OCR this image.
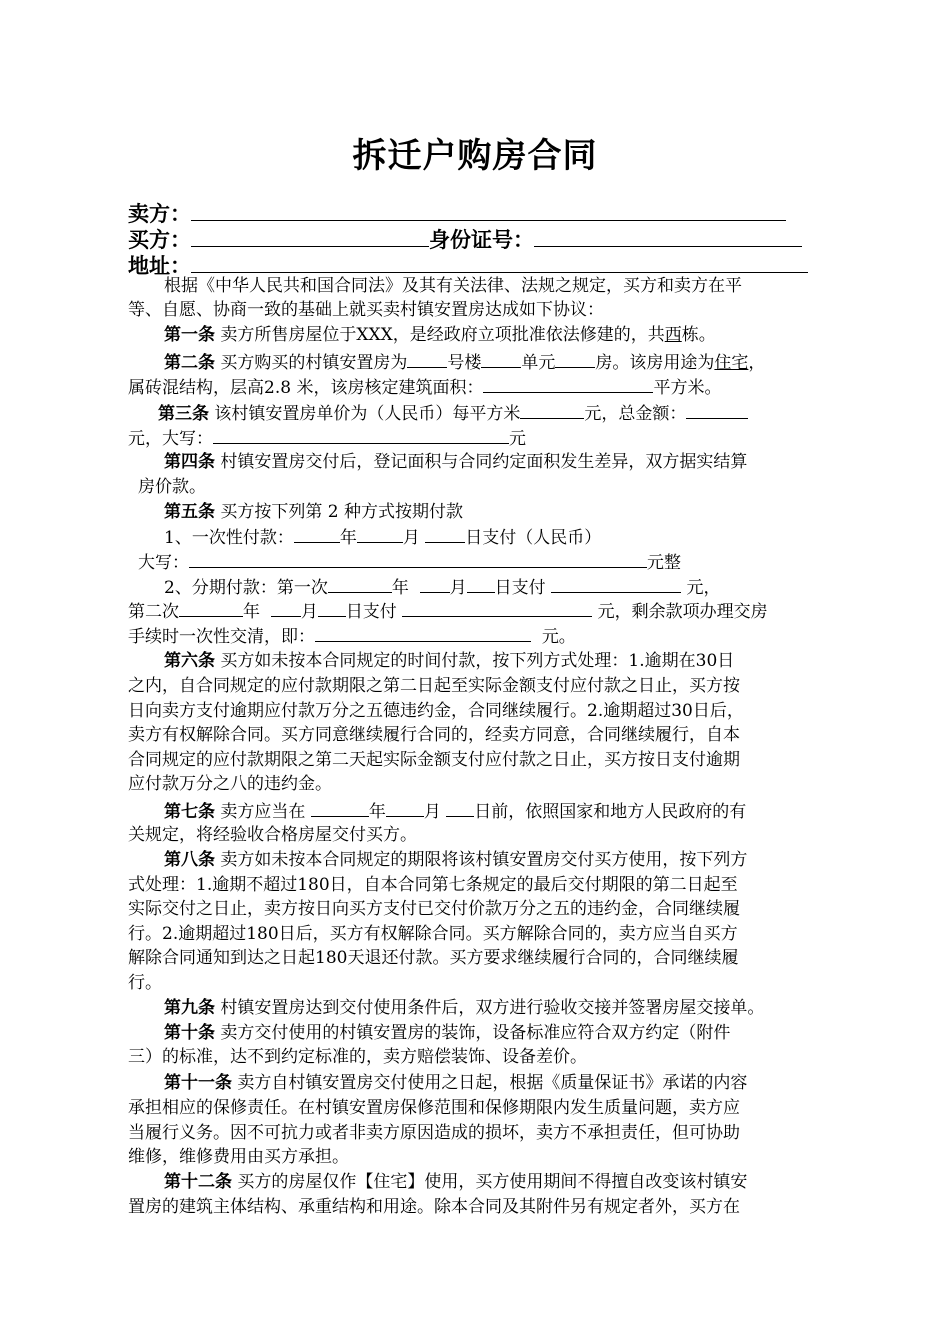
拆迁户购房合同
卖方：
买方：	身份证号：
地址：
根据《中华人民共和国合同法》及其有关法律、法规之规定，买方和卖方在平
等、自愿、协商一致的基础上就买卖村镇安置房达成如下协议：
第一条 卖方所售房屋位于XXX，是经政府立项批准依法修建的，共西栋。
第二条 买方购买的村镇安置房为 号楼 单元 房。该房用途为住宅，
属砖混结构，层高2.8 米，该房核定建筑面积：	平方米。
第三条 该村镇安置房单价为（人民币）每平方米	元，总金额：
元，大写：	元
第四条 村镇安置房交付后，登记面积与合同约定面积发生差异，双方据实结算
房价款。
第五条 买方按下列第 2 种方式按期付款
1、一次性付款：	年	月	日支付（人民币）
大写：	元整
2、分期付款：第一次	年 月 日支付	元，
第二次	年 月 日支付	元，剩余款项办理交房
手续时一次性交清，即：	元。
第六条 买方如未按本合同规定的时间付款，按下列方式处理：1.逾期在30日
之内，自合同规定的应付款期限之第二日起至实际金额支付应付款之日止，买方按
日向卖方支付逾期应付款万分之五德违约金，合同继续履行。2.逾期超过30日后，
卖方有权解除合同。买方同意继续履行合同的，经卖方同意，合同继续履行，自本
合同规定的应付款期限之第二天起实际金额支付应付款之日止，买方按日支付逾期
应付款万分之八的违约金。
第七条 卖方应当在	年 月 日前，依照国家和地方人民政府的有
关规定，将经验收合格房屋交付买方。
第八条 卖方如未按本合同规定的期限将该村镇安置房交付买方使用，按下列方
式处理：1.逾期不超过180日，自本合同第七条规定的最后交付期限的第二日起至
实际交付之日止，卖方按日向买方支付已交付价款万分之五的违约金，合同继续履
行。2.逾期超过180日后，买方有权解除合同。买方解除合同的，卖方应当自买方
解除合同通知到达之日起180天退还付款。买方要求继续履行合同的，合同继续履
行。
第九条 村镇安置房达到交付使用条件后，双方进行验收交接并签署房屋交接单。
第十条 卖方交付使用的村镇安置房的装饰，设备标准应符合双方约定（附件
三）的标准，达不到约定标准的，卖方赔偿装饰、设备差价。
第十一条 卖方自村镇安置房交付使用之日起，根据《质量保证书》承诺的内容
承担相应的保修责任。在村镇安置房保修范围和保修期限内发生质量问题，卖方应
当履行义务。因不可抗力或者非卖方原因造成的损坏，卖方不承担责任，但可协助
维修，维修费用由买方承担。
第十二条 买方的房屋仅作【住宅】使用，买方使用期间不得擅自改变该村镇安
置房的建筑主体结构、承重结构和用途。除本合同及其附件另有规定者外，买方在
